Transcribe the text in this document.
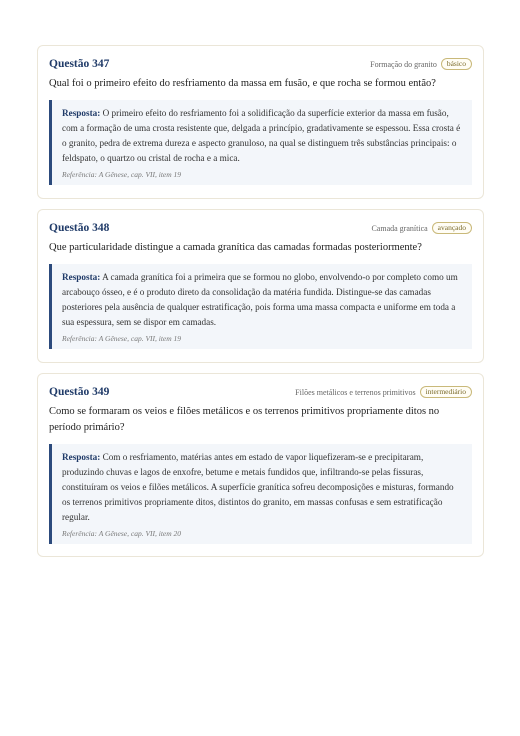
Questão 347	Formação do granito	básico
Qual foi o primeiro efeito do resfriamento da massa em fusão, e que rocha se formou então?
Resposta: O primeiro efeito do resfriamento foi a solidificação da superfície exterior da massa em fusão, com a formação de uma crosta resistente que, delgada a princípio, gradativamente se espessou. Essa crosta é o granito, pedra de extrema dureza e aspecto granuloso, na qual se distinguem três substâncias principais: o feldspato, o quartzo ou cristal de rocha e a mica.
Referência: A Gênese, cap. VII, item 19
Questão 348	Camada granítica	avançado
Que particularidade distingue a camada granítica das camadas formadas posteriormente?
Resposta: A camada granítica foi a primeira que se formou no globo, envolvendo-o por completo como um arcabouço ósseo, e é o produto direto da consolidação da matéria fundida. Distingue-se das camadas posteriores pela ausência de qualquer estratificação, pois forma uma massa compacta e uniforme em toda a sua espessura, sem se dispor em camadas.
Referência: A Gênese, cap. VII, item 19
Questão 349	Filões metálicos e terrenos primitivos	intermediário
Como se formaram os veios e filões metálicos e os terrenos primitivos propriamente ditos no período primário?
Resposta: Com o resfriamento, matérias antes em estado de vapor liquefizeram-se e precipitaram, produzindo chuvas e lagos de enxofre, betume e metais fundidos que, infiltrando-se pelas fissuras, constituíram os veios e filões metálicos. A superfície granítica sofreu decomposições e misturas, formando os terrenos primitivos propriamente ditos, distintos do granito, em massas confusas e sem estratificação regular.
Referência: A Gênese, cap. VII, item 20
